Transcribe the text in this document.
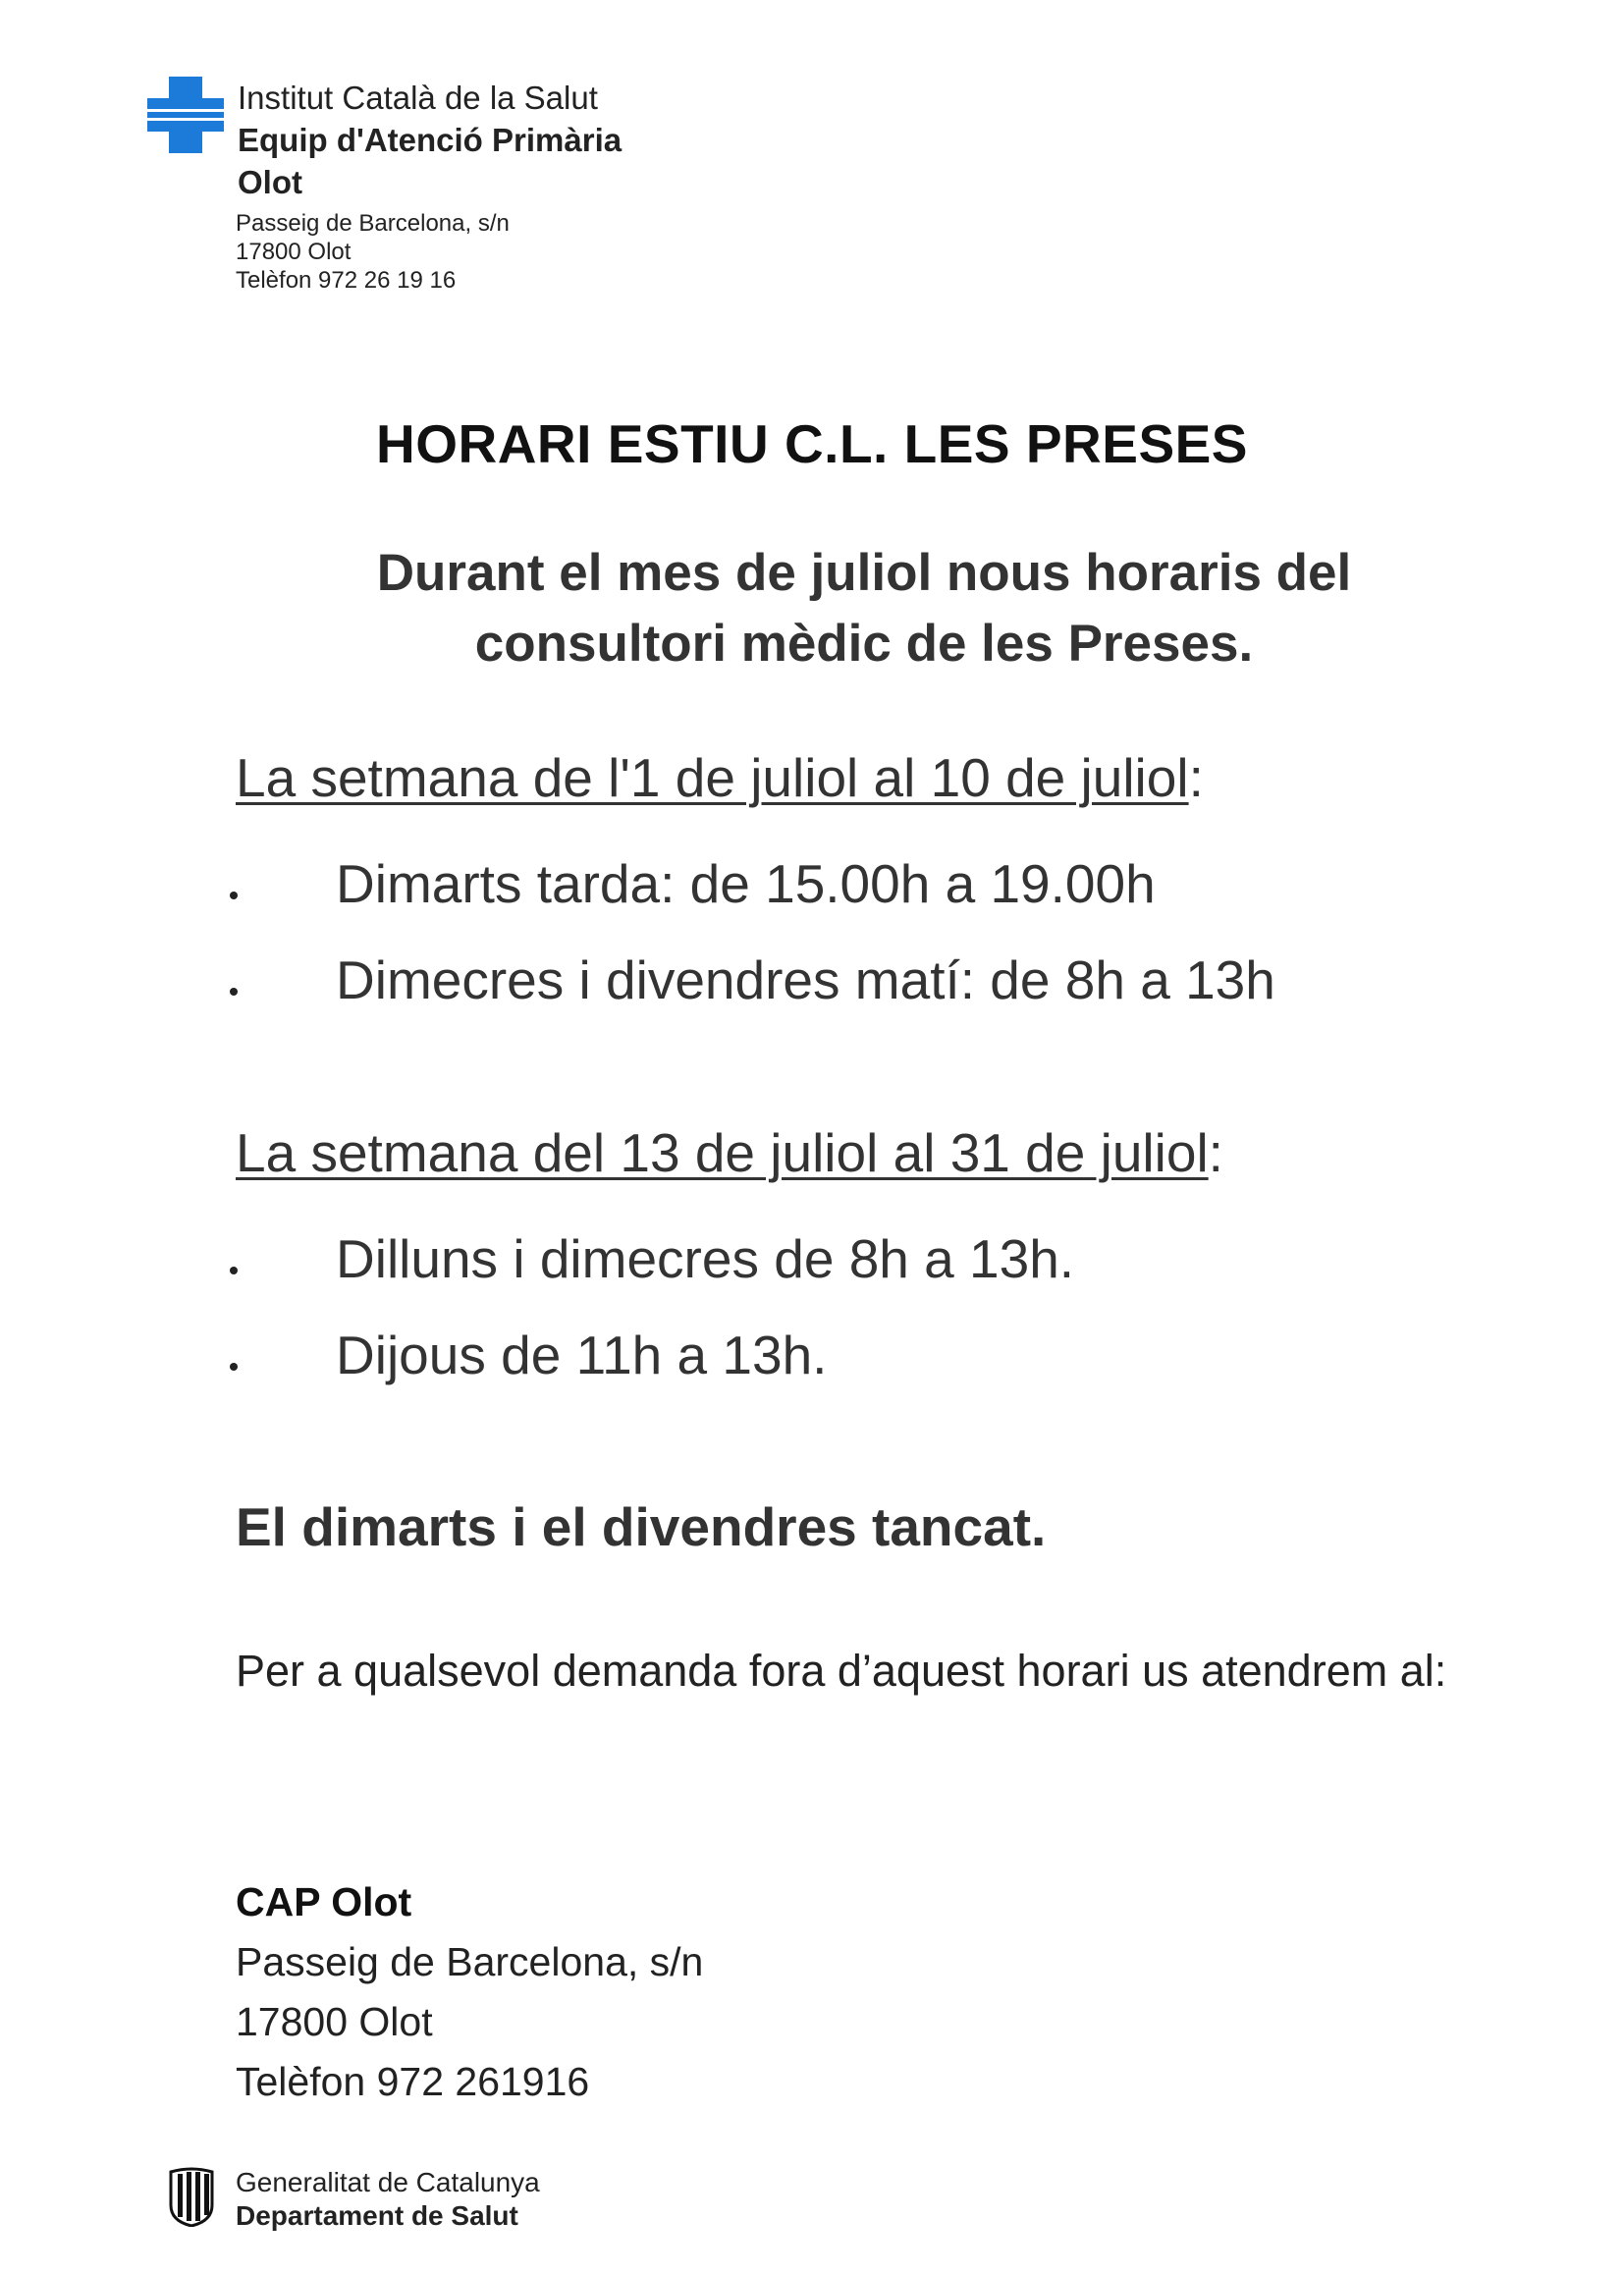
Institut Català de la Salut
Equip d'Atenció Primària
Olot
Passeig de Barcelona, s/n
17800 Olot
Telèfon 972 26 19 16
HORARI ESTIU C.L. LES PRESES
Durant el mes de juliol nous horaris del
consultori mèdic de les Preses.
La setmana de l'1 de juliol al 10 de juliol:
Dimarts tarda: de 15.00h a 19.00h
Dimecres i divendres matí: de 8h a 13h
La setmana del 13 de juliol al 31 de juliol:
Dilluns i dimecres de 8h a 13h.
Dijous de 11h a 13h.
El dimarts i el divendres tancat.
Per a qualsevol demanda fora d’aquest horari us atendrem al:
CAP Olot
Passeig de Barcelona, s/n
17800 Olot
Telèfon 972 261916
Generalitat de Catalunya
Departament de Salut
